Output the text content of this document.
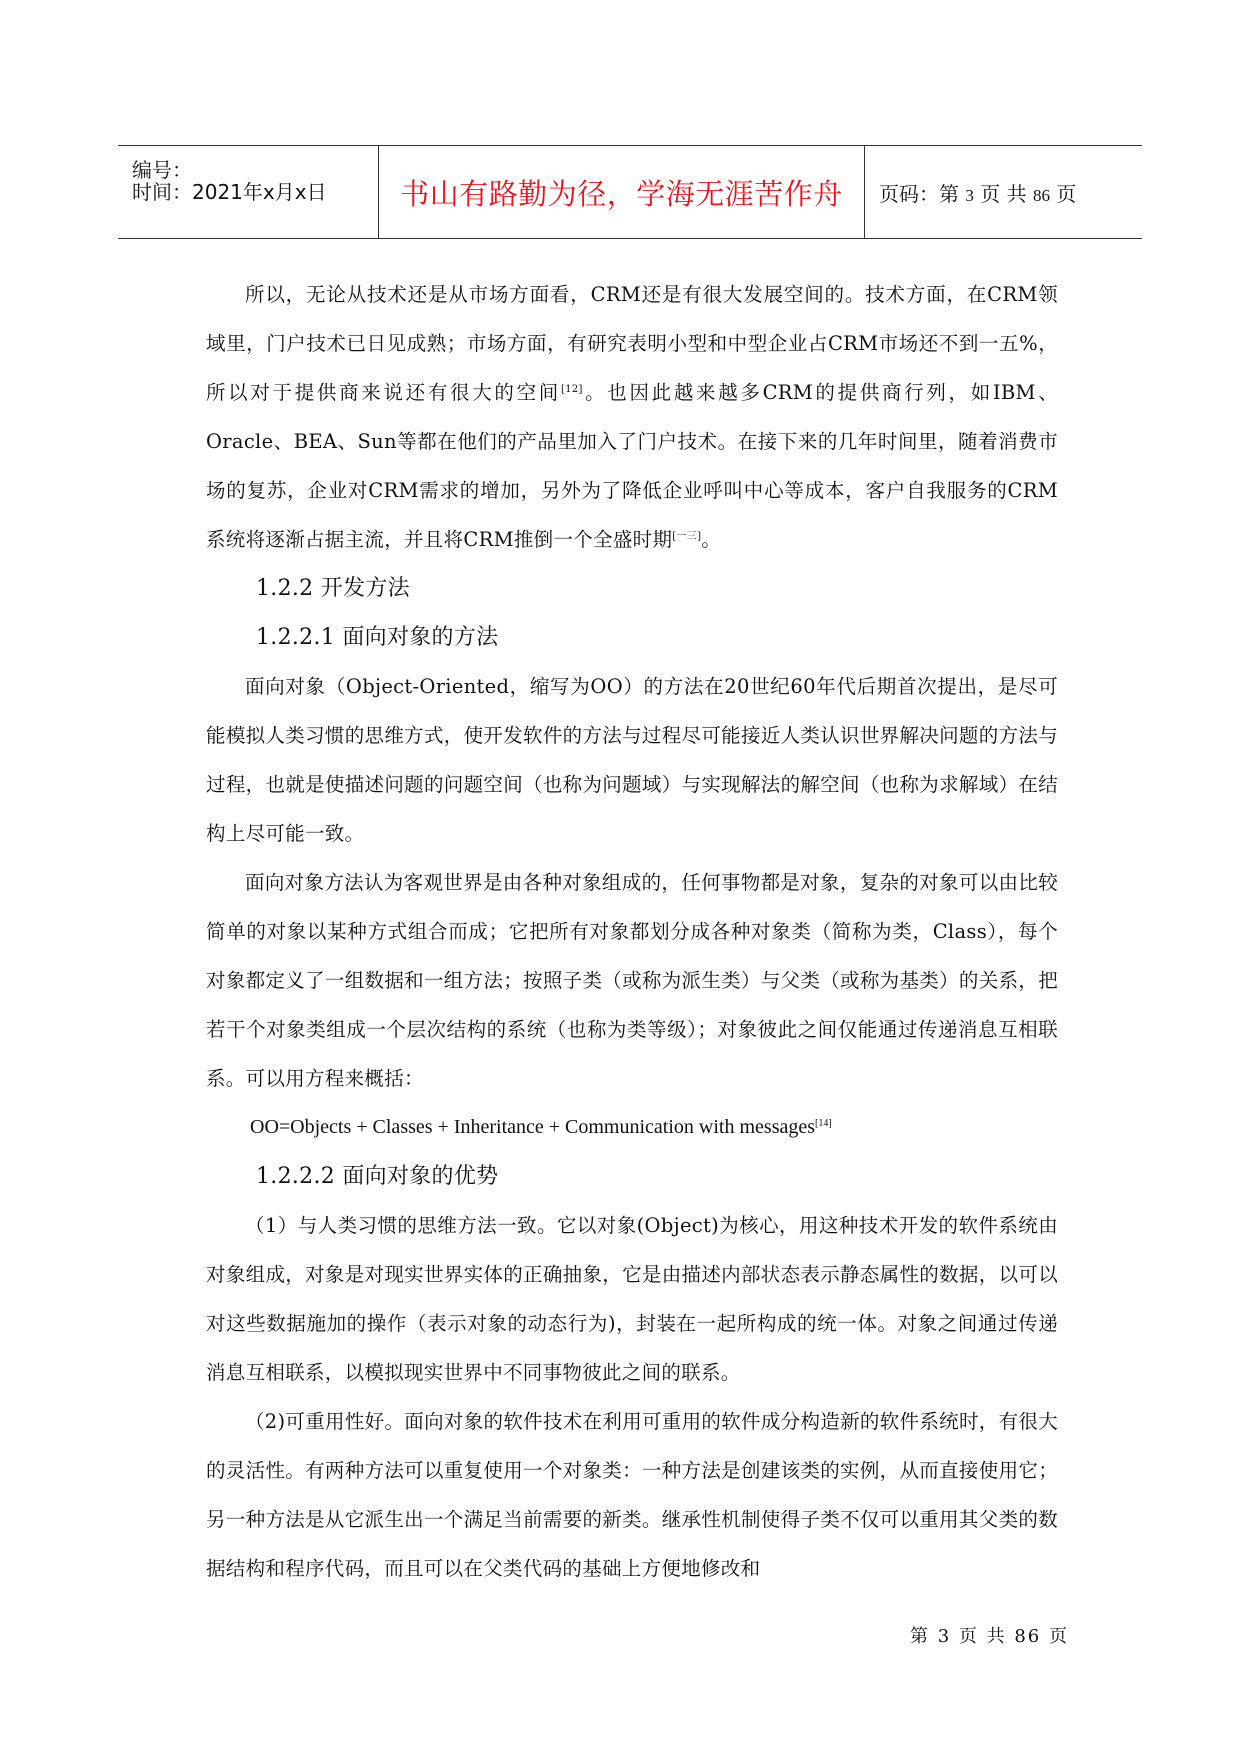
编号：
时间：2021年x月x日	书山有路勤为径，学海无涯苦作舟 页码：第 3 页 共 86 页

所以，无论从技术还是从市场方面看，CRM还是有很大发展空间的。技术方面，在CRM领域里，门户技术已日见成熟；市场方面，有研究表明小型和中型企业占CRM市场还不到一五%，所以对于提供商来说还有很大的空间[12]。也因此越来越多CRM的提供商行列，如IBM、Oracle、BEA、Sun等都在他们的产品里加入了门户技术。在接下来的几年时间里，随着消费市场的复苏，企业对CRM需求的增加，另外为了降低企业呼叫中心等成本，客户自我服务的CRM系统将逐渐占据主流，并且将CRM推倒一个全盛时期[一三]。

1.2.2 开发方法

1.2.2.1 面向对象的方法

面向对象（Object-Oriented，缩写为OO）的方法在20世纪60年代后期首次提出，是尽可能模拟人类习惯的思维方式，使开发软件的方法与过程尽可能接近人类认识世界解决问题的方法与过程，也就是使描述问题的问题空间（也称为问题域）与实现解法的解空间（也称为求解域）在结构上尽可能一致。

面向对象方法认为客观世界是由各种对象组成的，任何事物都是对象，复杂的对象可以由比较简单的对象以某种方式组合而成；它把所有对象都划分成各种对象类（简称为类，Class），每个对象都定义了一组数据和一组方法；按照子类（或称为派生类）与父类（或称为基类）的关系，把若干个对象类组成一个层次结构的系统（也称为类等级）；对象彼此之间仅能通过传递消息互相联系。可以用方程来概括：

OO=Objects + Classes + Inheritance + Communication with messages[14]

1.2.2.2 面向对象的优势

（1）与人类习惯的思维方法一致。它以对象(Object)为核心，用这种技术开发的软件系统由对象组成，对象是对现实世界实体的正确抽象，它是由描述内部状态表示静态属性的数据，以可以对这些数据施加的操作（表示对象的动态行为)，封装在一起所构成的统一体。对象之间通过传递消息互相联系，以模拟现实世界中不同事物彼此之间的联系。

（2)可重用性好。面向对象的软件技术在利用可重用的软件成分构造新的软件系统时，有很大的灵活性。有两种方法可以重复使用一个对象类：一种方法是创建该类的实例，从而直接使用它；另一种方法是从它派生出一个满足当前需要的新类。继承性机制使得子类不仅可以重用其父类的数据结构和程序代码，而且可以在父类代码的基础上方便地修改和

第 3 页 共 86 页
